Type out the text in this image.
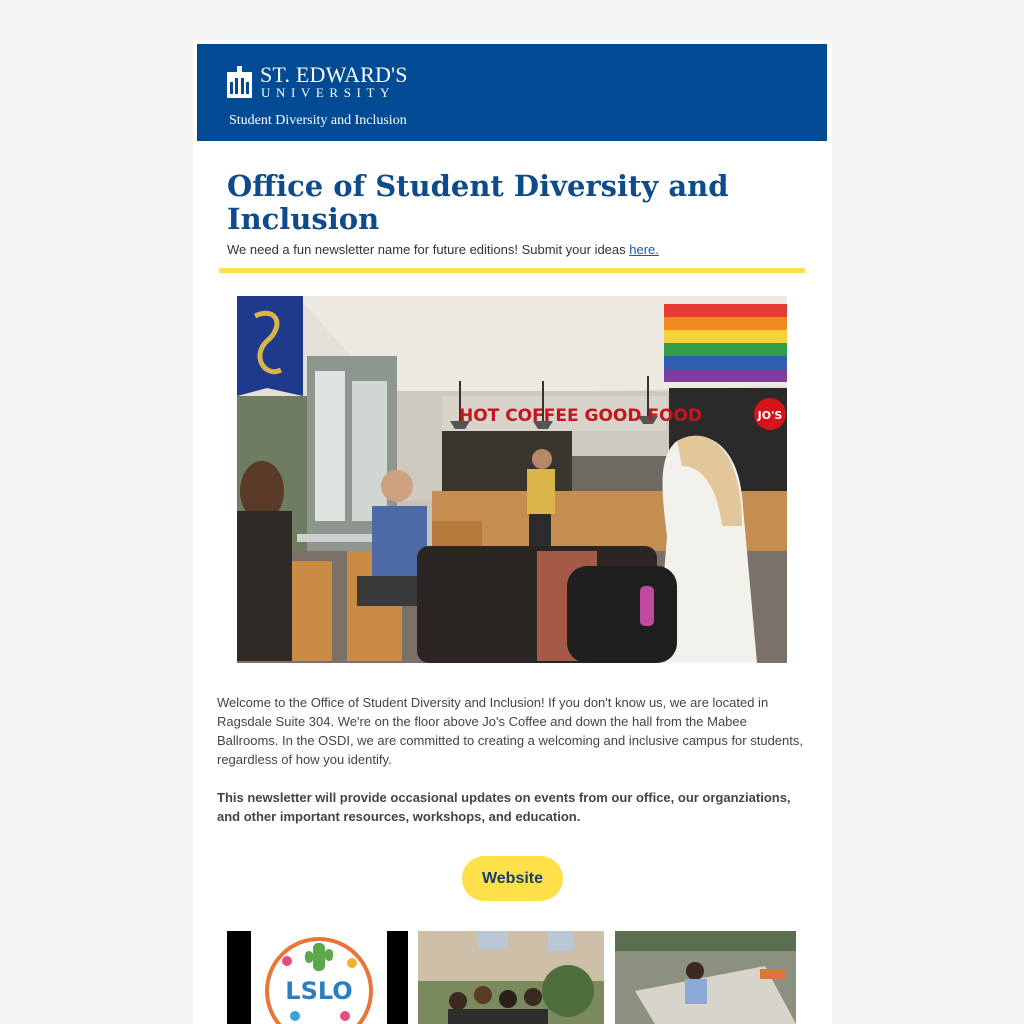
ST. EDWARD'S
UNIVERSITY
Student Diversity and Inclusion
Office of Student Diversity and Inclusion
We need a fun newsletter name for future editions! Submit your ideas here.
HOT COFFEE GOOD FOOD	JO'S

Welcome to the Office of Student Diversity and Inclusion! If you don't know us, we are located in Ragsdale Suite 304. We're on the floor above Jo's Coffee and down the hall from the Mabee Ballrooms. In the OSDI, we are committed to creating a welcoming and inclusive campus for students, regardless of how you identify.

This newsletter will provide occasional updates on events from our office, our organziations, and other important resources, workshops, and education.

Website
LSLO
